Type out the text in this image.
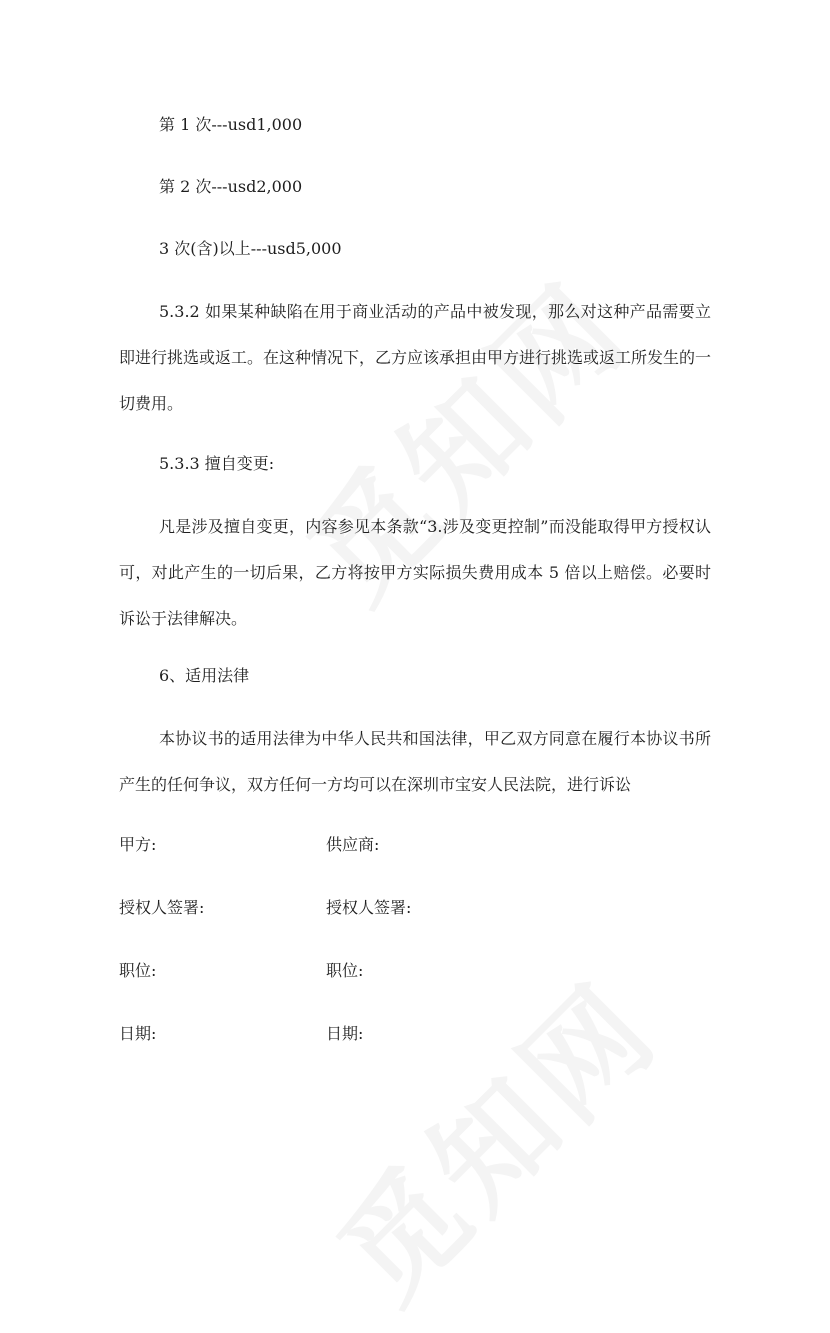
第 1 次---usd1,000
第 2 次---usd2,000
3 次(含)以上---usd5,000

5.3.2 如果某种缺陷在用于商业活动的产品中被发现，那么对这种产品需要立即进行挑选或返工。在这种情况下，乙方应该承担由甲方进行挑选或返工所发生的一切费用。

5.3.3 擅自变更:

凡是涉及擅自变更，内容参见本条款“3.涉及变更控制”而没能取得甲方授权认可，对此产生的一切后果，乙方将按甲方实际损失费用成本 5 倍以上赔偿。必要时诉讼于法律解决。

6、适用法律

本协议书的适用法律为中华人民共和国法律，甲乙双方同意在履行本协议书所产生的任何争议，双方任何一方均可以在深圳市宝安人民法院，进行诉讼

甲方:	供应商:
授权人签署:	授权人签署:
职位:	职位:
日期:	日期:
